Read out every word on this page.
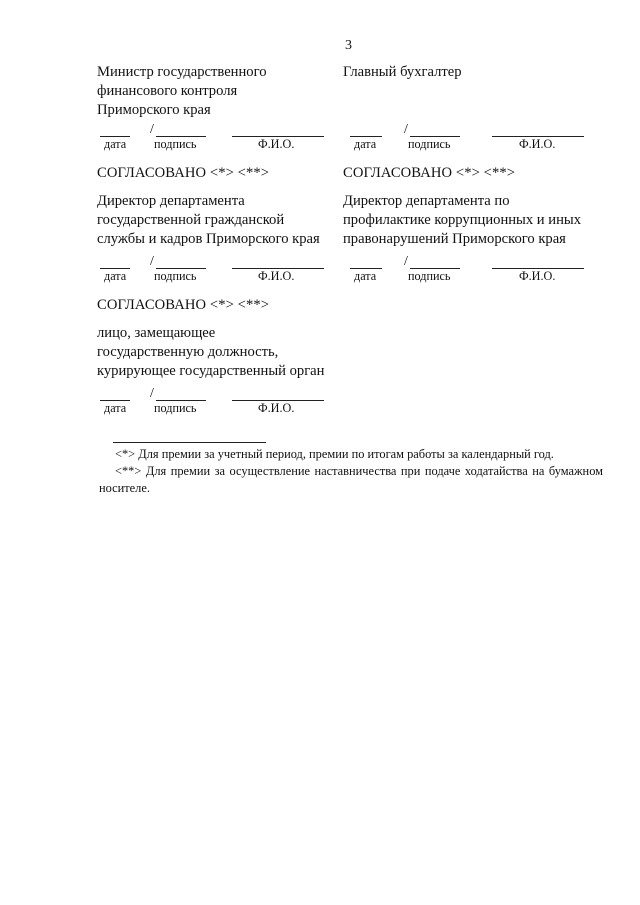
3
Министр государственного
финансового контроля
Приморского края
Главный бухгалтер
/
дата подпись	Ф.И.О.
/
дата	подпись	Ф.И.О.
СОГЛАСОВАНО <*> <**>	СОГЛАСОВАНО <*> <**>
Директор департамента
государственной гражданской
службы и кадров Приморского края
Директор департамента по
профилактике коррупционных и иных
правонарушений Приморского края
/
дата подпись	Ф.И.О.
/
дата	подпись	Ф.И.О.
СОГЛАСОВАНО <*> <**>
лицо, замещающее
государственную должность,
курирующее государственный орган
/
дата подпись	Ф.И.О.

<*> Для премии за учетный период, премии по итогам работы за календарный год.

<**> Для премии за осуществление наставничества при подаче ходатайства на бумажном носителе.
